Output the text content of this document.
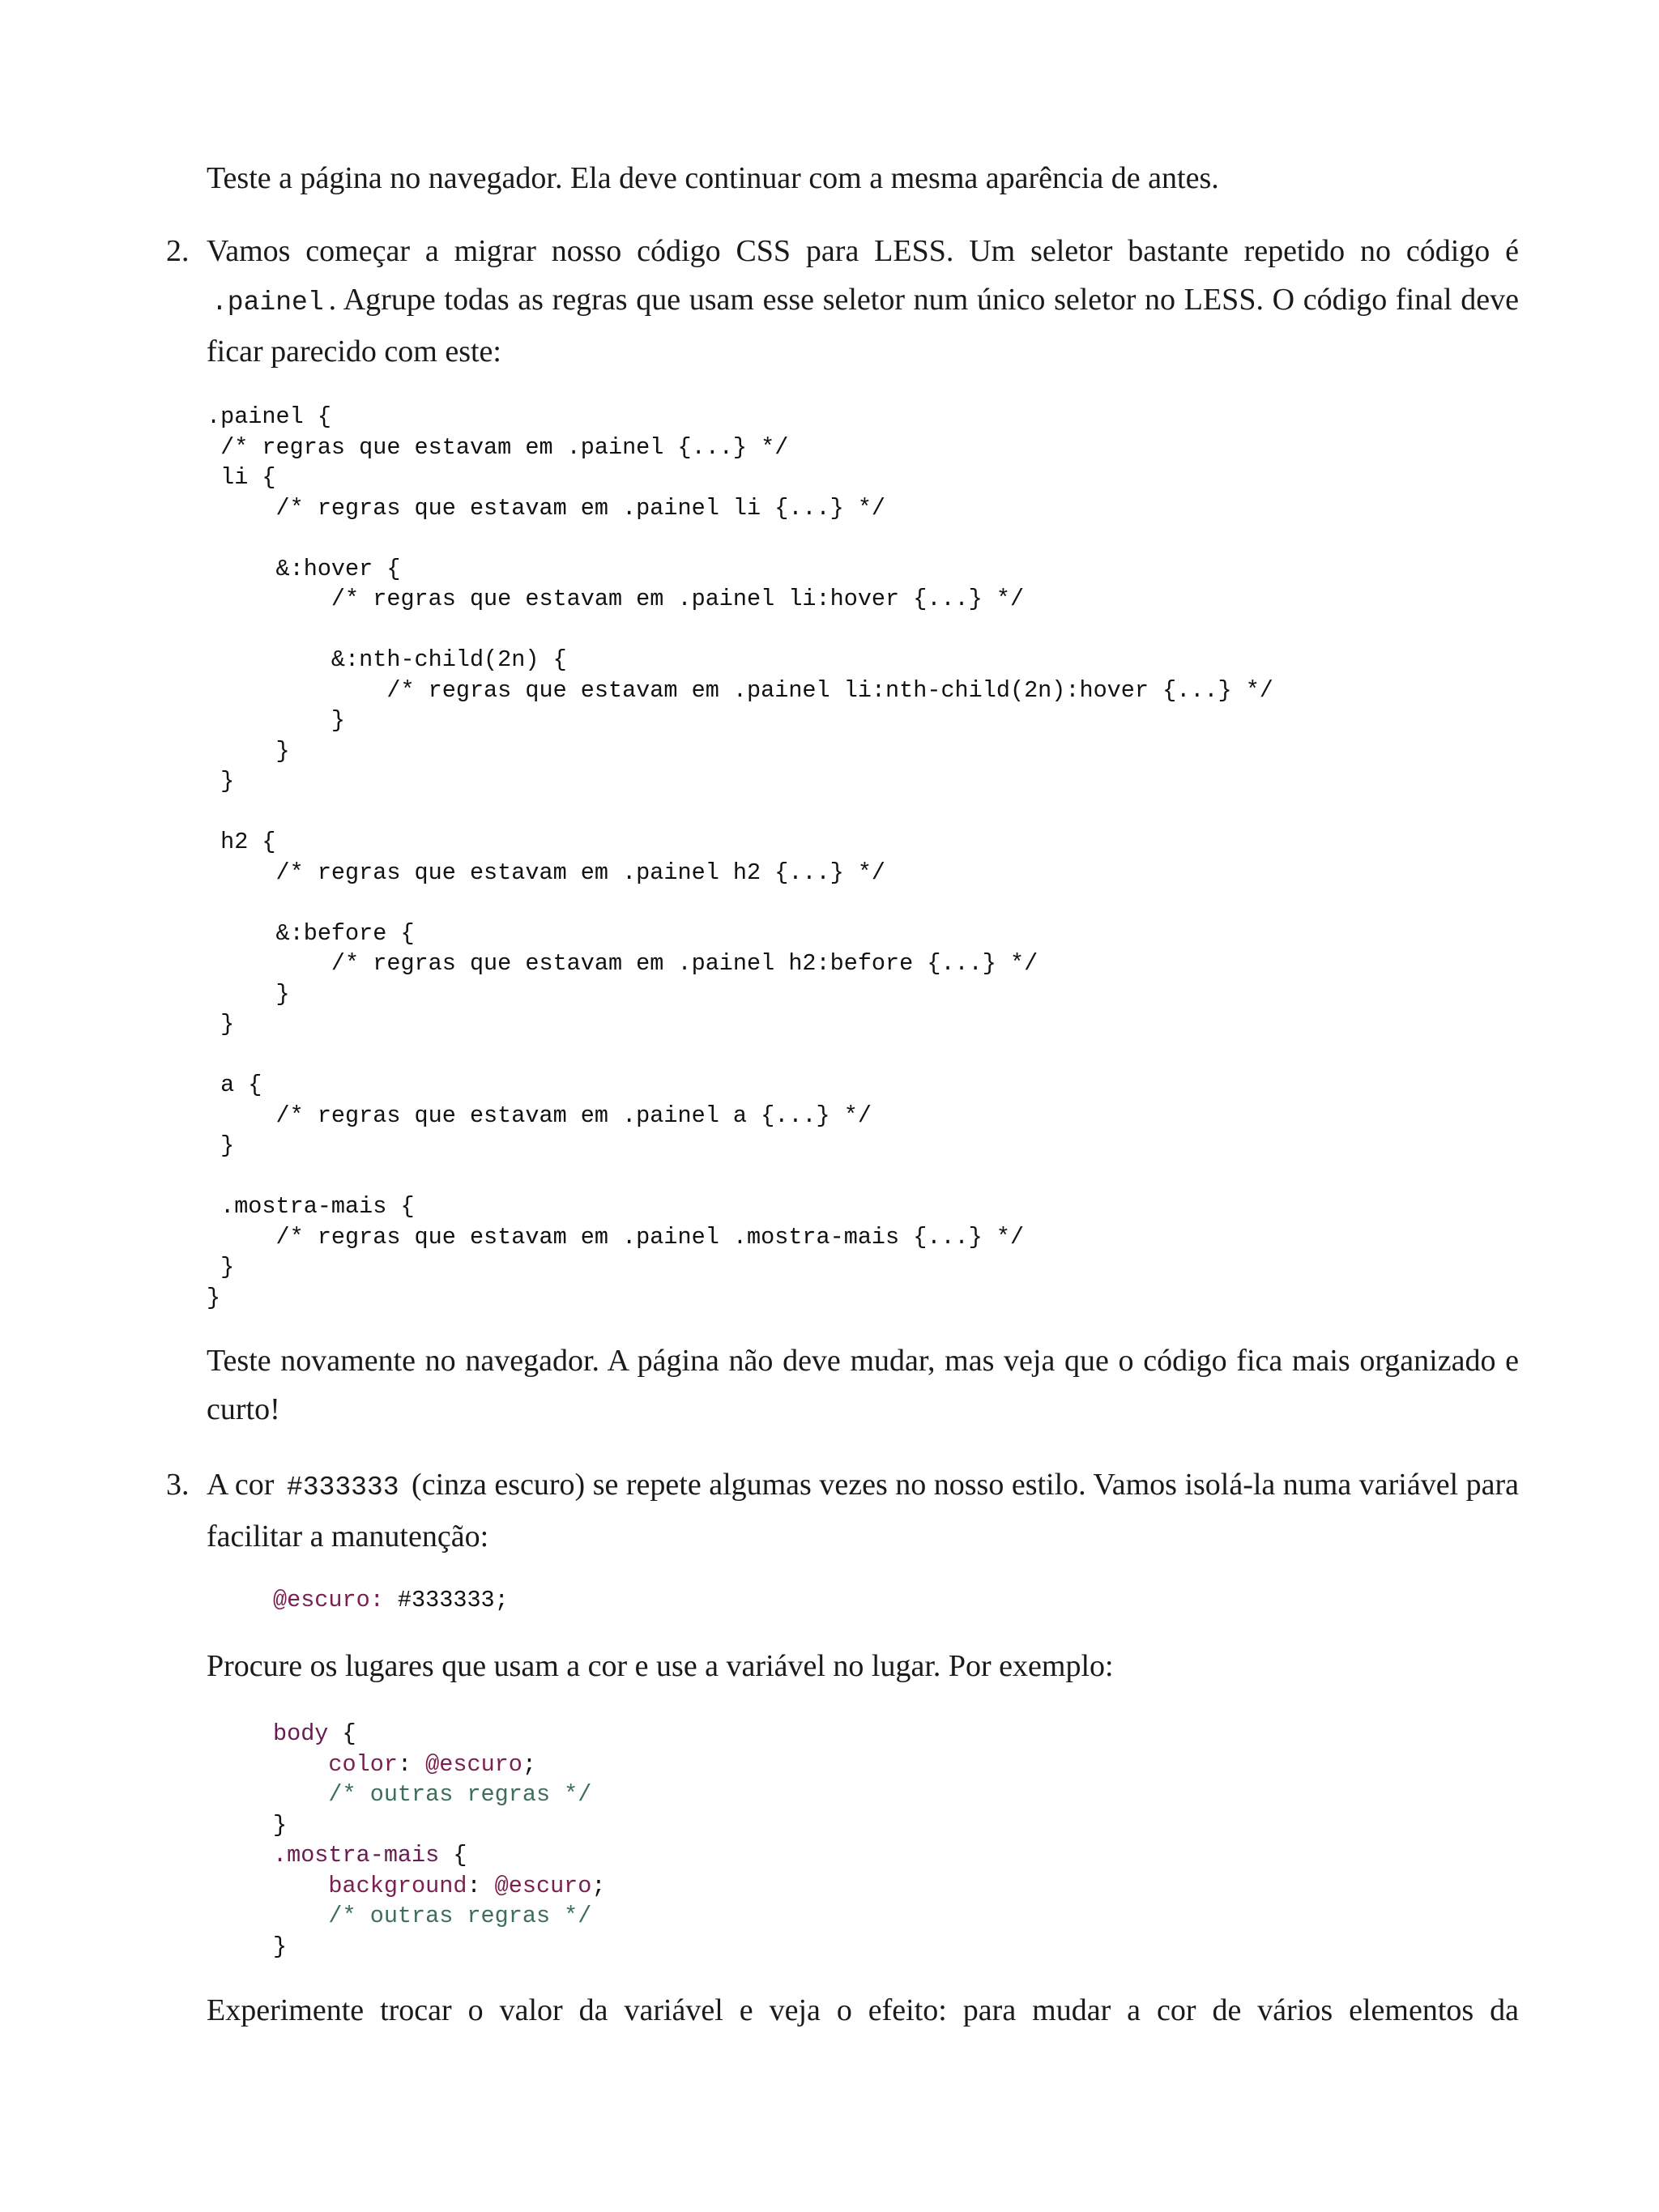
Teste a página no navegador. Ela deve continuar com a mesma aparência de antes.

2. Vamos começar a migrar nosso código CSS para LESS. Um seletor bastante repetido no código é .painel . Agrupe todas as regras que usam esse seletor num único seletor no LESS. O código final deve ficar parecido com este:

.painel {
/* regras que estavam em .painel {...} */
li {
/* regras que estavam em .painel li {...} */

&:hover {
/* regras que estavam em .painel li:hover {...} */

&:nth-child(2n) {
/* regras que estavam em .painel li:nth-child(2n):hover {...} */
}
}
}

h2 {
/* regras que estavam em .painel h2 {...} */

&:before {
/* regras que estavam em .painel h2:before {...} */
}
}

a {
/* regras que estavam em .painel a {...} */
}

.mostra-mais {
/* regras que estavam em .painel .mostra-mais {...} */
}
}

Teste novamente no navegador. A página não deve mudar, mas veja que o código fica mais organizado e curto!

3. A cor #333333 (cinza escuro) se repete algumas vezes no nosso estilo. Vamos isolá-la numa variável para facilitar a manutenção:

@escuro: #333333;

Procure os lugares que usam a cor e use a variável no lugar. Por exemplo:

body {
color: @escuro;
/* outras regras */
}
.mostra-mais {
background: @escuro;
/* outras regras */
}

Experimente trocar o valor da variável e veja o efeito: para mudar a cor de vários elementos da
